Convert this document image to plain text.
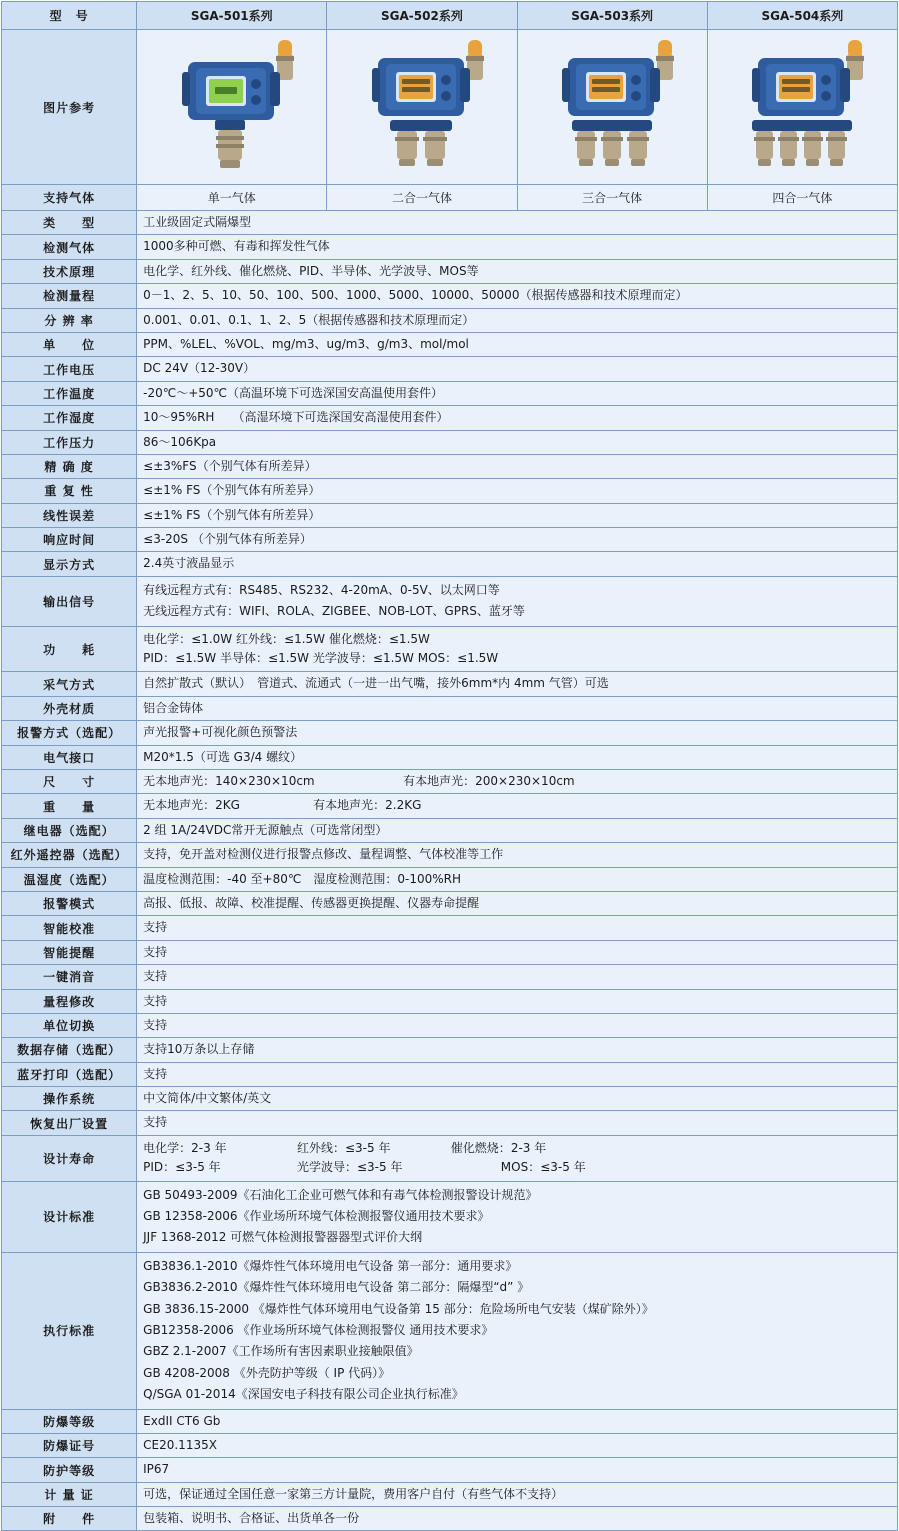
型　号	SGA-501系列	SGA-502系列	SGA-503系列	SGA-504系列
图片参考	

支持气体	单一气体	二合一气体	三合一气体	四合一气体
类　　型	工业级固定式隔爆型			
检测气体	1000多种可燃、有毒和挥发性气体			
技术原理	电化学、红外线、催化燃烧、PID、半导体、光学波导、MOS等			
检测量程	0－1、2、5、10、50、100、500、1000、5000、10000、50000（根据传感器和技术原理而定）			
分 辨 率	0.001、0.01、0.1、1、2、5（根据传感器和技术原理而定）			
单　　位	PPM、%LEL、%VOL、mg/m3、ug/m3、g/m3、mol/mol			
工作电压	DC 24V（12-30V）			
工作温度	-20℃～+50℃（高温环境下可选深国安高温使用套件）			
工作湿度	10～95%RH　　（高湿环境下可选深国安高湿使用套件）			
工作压力	86～106Kpa			
精 确 度	≤±3%FS（个别气体有所差异）			
重 复 性	≤±1% FS（个别气体有所差异）			
线性误差	≤±1% FS（个别气体有所差异）			
响应时间	≤3-20S （个别气体有所差异）			
显示方式	2.4英寸液晶显示			
输出信号	有线远程方式有：RS485、RS232、4-20mA、0-5V、以太网口等
无线远程方式有：WIFI、ROLA、ZIGBEE、NOB-LOT、GPRS、蓝牙等			

功　　耗	电化学：≤1.0W 红外线：≤1.5W 催化燃烧：≤1.5W
PID：≤1.5W 半导体：≤1.5W 光学波导：≤1.5W MOS：≤1.5W			

采气方式	自然扩散式（默认）　管道式、流通式（一进一出气嘴，接外6mm*内 4mm 气管）可选			
外壳材质	铝合金铸体			
报警方式（选配）	声光报警+可视化颜色预警法			
电气接口	M20*1.5（可选 G3/4 螺纹）			
尺　　寸	无本地声光：140×230×10cm 有本地声光：200×230×10cm			
重　　量	无本地声光：2KG 有本地声光：2.2KG			
继电器（选配）	2 组 1A/24VDC常开无源触点（可选常闭型）			
红外遥控器（选配）	支持，免开盖对检测仪进行报警点修改、量程调整、气体校准等工作			
温湿度（选配）	温度检测范围：-40 至+80℃　湿度检测范围：0-100%RH			
报警模式	高报、低报、故障、校准提醒、传感器更换提醒、仪器寿命提醒			
智能校准	支持			
智能提醒	支持			
一键消音	支持			
量程修改	支持			
单位切换	支持			
数据存储（选配）	支持10万条以上存储			
蓝牙打印（选配）	支持			
操作系统	中文简体/中文繁体/英文			
恢复出厂设置	支持			
设计寿命	电化学：2-3 年 红外线：≤3-5 年 催化燃烧：2-3 年
PID：≤3-5 年 光学波导：≤3-5 年 MOS：≤3-5 年			

设计标准	GB 50493-2009《石油化工企业可燃气体和有毒气体检测报警设计规范》
GB 12358-2006《作业场所环境气体检测报警仪通用技术要求》
JJF 1368-2012 可燃气体检测报警器器型式评价大纲			

执行标准	
GB3836.1-2010《爆炸性气体环境用电气设备 第一部分：通用要求》
GB3836.2-2010《爆炸性气体环境用电气设备 第二部分：隔爆型“d” 》
GB 3836.15-2000 《爆炸性气体环境用电气设备第 15 部分：危险场所电气安装（煤矿除外）》
GB12358-2006 《作业场所环境气体检测报警仪 通用技术要求》
GBZ 2.1-2007《工作场所有害因素职业接触限值》
GB 4208-2008 《外壳防护等级（ IP 代码）》
Q/SGA 01-2014《深国安电子科技有限公司企业执行标准》

防爆等级	ExdII CT6 Gb			
防爆证号	CE20.1135X			
防护等级	IP67			
计 量 证	可选，保证通过全国任意一家第三方计量院，费用客户自付（有些气体不支持）			
附　　件	包装箱、说明书、合格证、出货单各一份			
